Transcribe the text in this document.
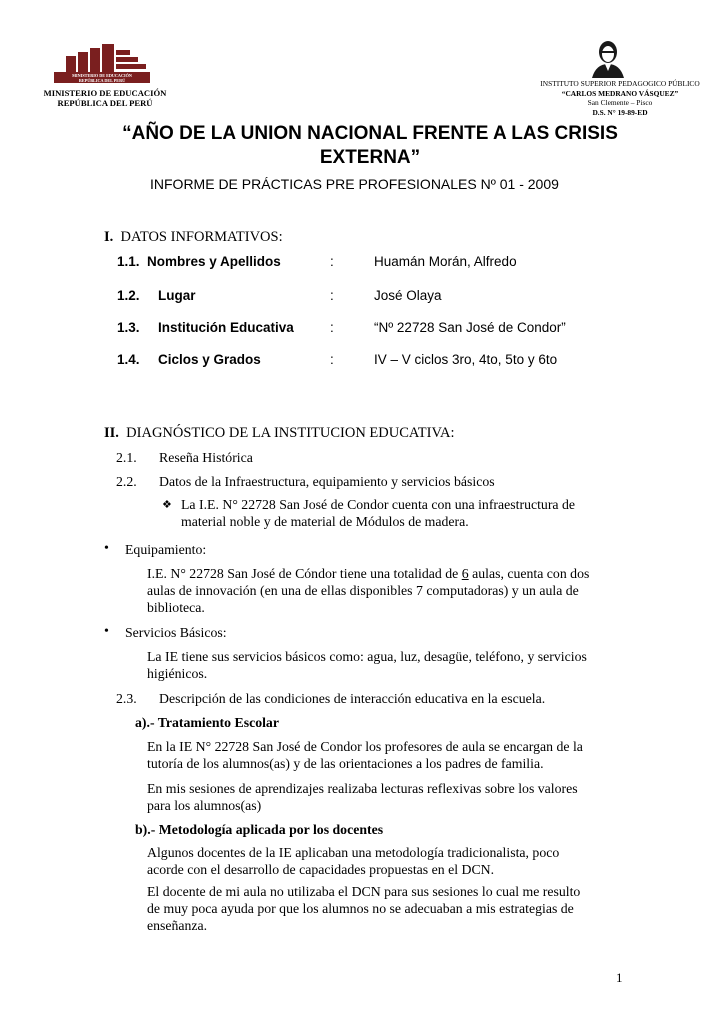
MINISTERIO DE EDUCACIÓN
REPÚBLICA DEL PERÚ
MINISTERIO DE EDUCACIÓN
REPÚBLICA DEL PERÚ
INSTITUTO SUPERIOR PEDAGOGICO PÚBLICO
“CARLOS MEDRANO VÁSQUEZ”
San Clemente – Pisco
D.S. N° 19-89-ED
“AÑO DE LA UNION NACIONAL FRENTE A LAS CRISIS EXTERNA”
INFORME DE PRÁCTICAS PRE PROFESIONALES Nº 01 - 2009
I. DATOS INFORMATIVOS:
1.1. Nombres y Apellidos	:	Huamán Morán, Alfredo
1.2. Lugar	:	José Olaya
1.3. Institución Educativa	:	“Nº 22728 San José de Condor”
1.4. Ciclos y Grados	:	IV – V ciclos 3ro, 4to, 5to y 6to
II. DIAGNÓSTICO DE LA INSTITUCION EDUCATIVA:
2.1. Reseña Histórica
2.2. Datos de la Infraestructura, equipamiento y servicios básicos
❖ La I.E. N° 22728 San José de Condor cuenta con una infraestructura de
material noble y de material de Módulos de madera.
• Equipamiento:
I.E. N° 22728 San José de Cóndor tiene una totalidad de 6 aulas, cuenta con dos
aulas de innovación (en una de ellas disponibles 7 computadoras) y un aula de
biblioteca.
• Servicios Básicos:
La IE tiene sus servicios básicos como: agua, luz, desagüe, teléfono, y servicios
higiénicos.
2.3. Descripción de las condiciones de interacción educativa en la escuela.
a).- Tratamiento Escolar
En la IE N° 22728 San José de Condor los profesores de aula se encargan de la
tutoría de los alumnos(as) y de las orientaciones a los padres de familia.
En mis sesiones de aprendizajes realizaba lecturas reflexivas sobre los valores
para los alumnos(as)
b).- Metodología aplicada por los docentes
Algunos docentes de la IE aplicaban una metodología tradicionalista, poco
acorde con el desarrollo de capacidades propuestas en el DCN.
El docente de mi aula no utilizaba el DCN para sus sesiones lo cual me resulto
de muy poca ayuda por que los alumnos no se adecuaban a mis estrategias de
enseñanza.
1
